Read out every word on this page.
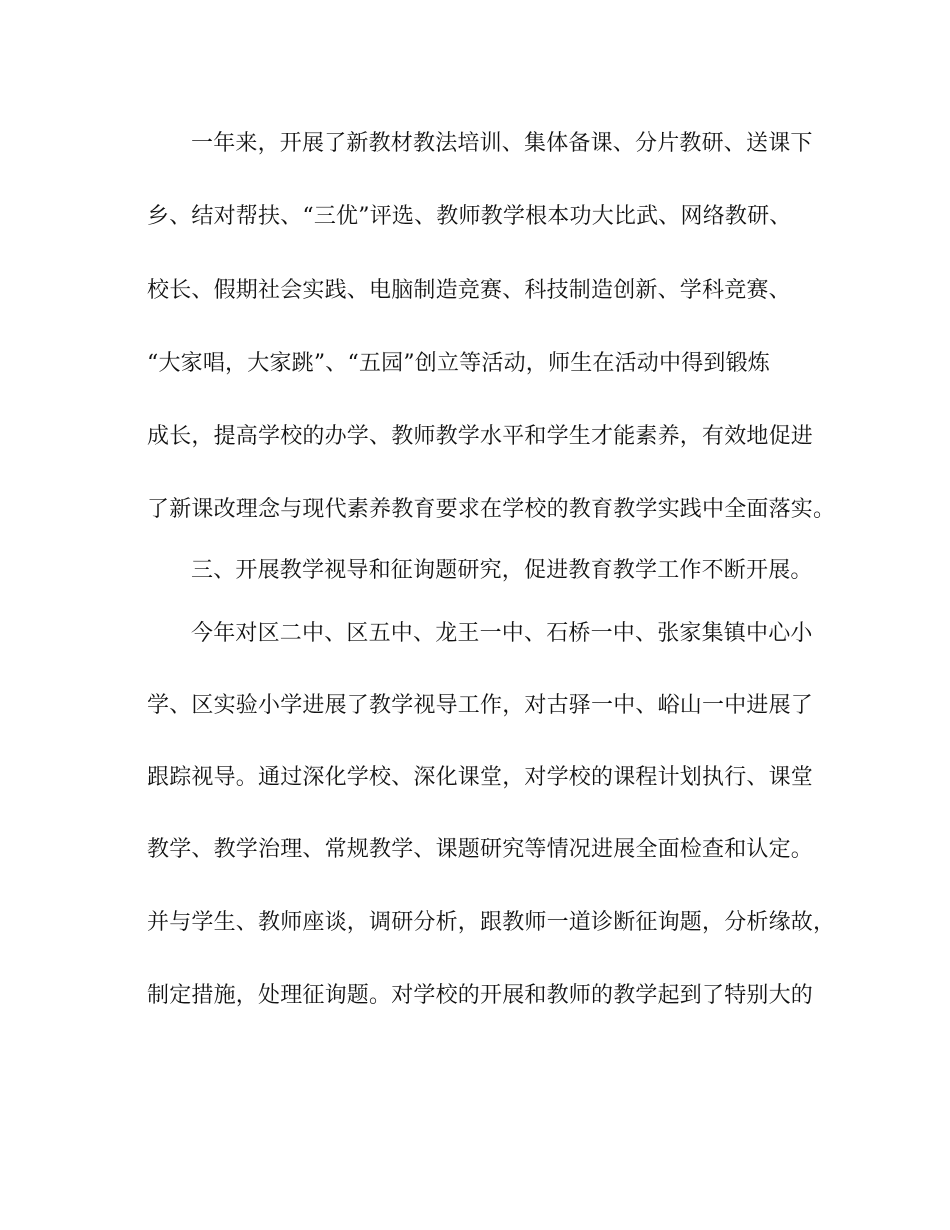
一年来，开展了新教材教法培训、集体备课、分片教研、送课下
乡、结对帮扶、“三优”评选、教师教学根本功大比武、网络教研、
校长、假期社会实践、电脑制造竞赛、科技制造创新、学科竞赛、
“大家唱，大家跳”、“五园”创立等活动，师生在活动中得到锻炼
成长，提高学校的办学、教师教学水平和学生才能素养，有效地促进
了新课改理念与现代素养教育要求在学校的教育教学实践中全面落实。
三、开展教学视导和征询题研究，促进教育教学工作不断开展。
今年对区二中、区五中、龙王一中、石桥一中、张家集镇中心小
学、区实验小学进展了教学视导工作，对古驿一中、峪山一中进展了
跟踪视导。通过深化学校、深化课堂，对学校的课程计划执行、课堂
教学、教学治理、常规教学、课题研究等情况进展全面检查和认定。
并与学生、教师座谈，调研分析，跟教师一道诊断征询题，分析缘故，
制定措施，处理征询题。对学校的开展和教师的教学起到了特别大的
